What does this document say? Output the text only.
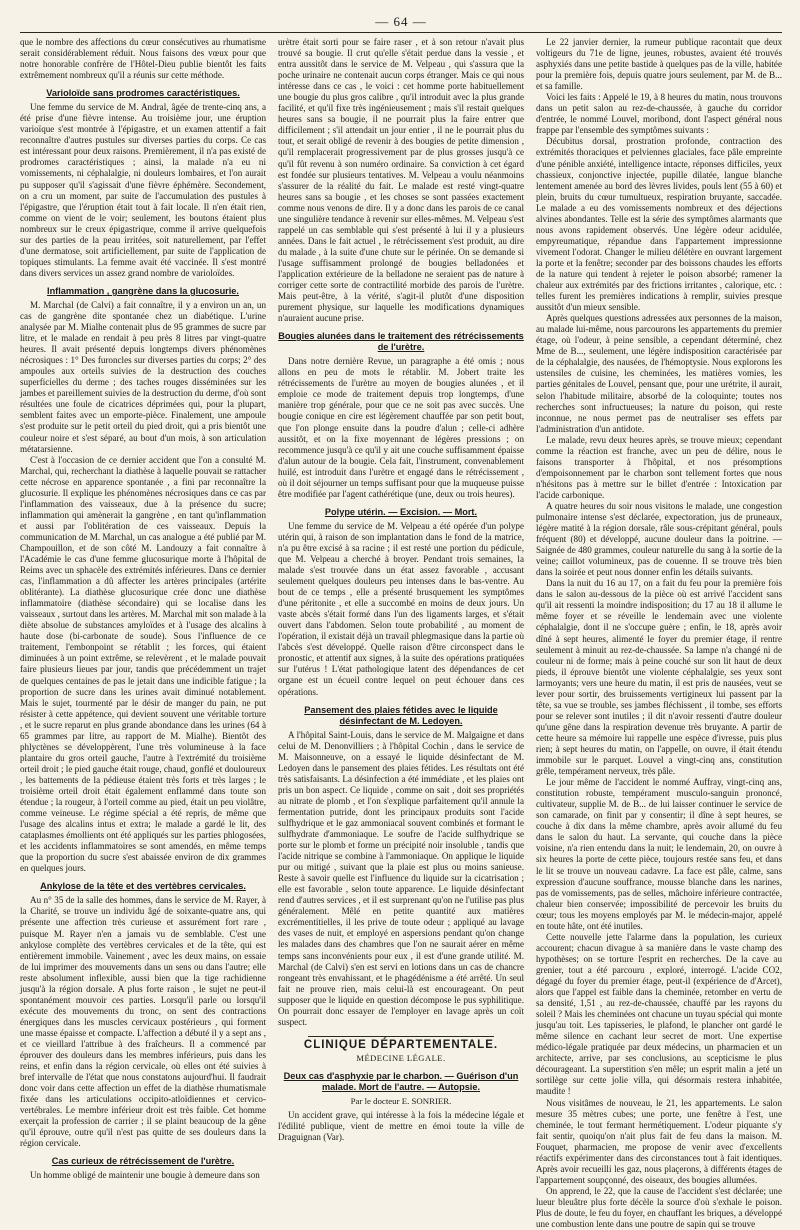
— 64 —

que le nombre des affections du cœur consécutives au rhumatisme serait considérablement réduit. Nous faisons des vœux pour que notre honorable confrère de l'Hôtel-Dieu publie bientôt les faits extrêmement nombreux qu'il a réunis sur cette méthode.

Varioloïde sans prodromes caractéristiques.

Une femme du service de M. Andral, âgée de trente-cinq ans, a été prise d'une fièvre intense. Au troisième jour, une éruption varioïque s'est montrée à l'épigastre, et un examen attentif a fait reconnaître d'autres pustules sur diverses parties du corps. Ce cas est intéressant pour deux raisons. Premièrement, il n'a pas existé de prodromes caractéristiques ; ainsi, la malade n'a eu ni vomissements, ni céphalalgie, ni douleurs lombaires, et l'on aurait pu supposer qu'il s'agissait d'une fièvre éphémère. Secondement, on a cru un moment, par suite de l'accumulation des pustules à l'épigastre, que l'éruption était tout à fait locale. Il n'en était rien, comme on vient de le voir; seulement, les boutons étaient plus nombreux sur le creux épigastrique, comme il arrive quelquefois sur des parties de la peau irritées, soit naturellement, par l'effet d'une dermatose, soit artificiellement, par suite de l'application de topiques stimulants. La femme avait été vaccinée. Il s'est montré dans divers services un assez grand nombre de varioloïdes.

Inflammation , gangrène dans la glucosurie.

M. Marchal (de Calvi) a fait connaître, il y a environ un an, un cas de gangrène dite spontanée chez un diabétique. L'urine analysée par M. Mialhe contenait plus de 95 grammes de sucre par litre, et le malade en rendait à peu près 8 litres par vingt-quatre heures. Il avait présenté depuis longtemps divers phénomènes nécrosiques : 1° Des furoncles sur diverses parties du corps; 2° des ampoules aux orteils suivies de la destruction des couches superficielles du derme ; des taches rouges disséminées sur les jambes et pareillement suivies de la destruction du derme, d'où sont résultées une foule de cicatrices déprimées qui, pour la plupart, semblent faites avec un emporte-pièce. Finalement, une ampoule s'est produite sur le petit orteil du pied droit, qui a pris bientôt une couleur noire et s'est séparé, au bout d'un mois, à son articulation métatarsienne.

C'est à l'occasion de ce dernier accident que l'on a consulté M. Marchal, qui, recherchant la diathèse à laquelle pouvait se rattacher cette nécrose en apparence spontanée , a fini par reconnaître la glucosurie. Il explique les phénomènes nécrosiques dans ce cas par l'inflammation des vaisseaux, due à la présence du sucre; inflammation qui amènerait la gangrène , en tant qu'inflammation et aussi par l'oblitération de ces vaisseaux. Depuis la communication de M. Marchal, un cas analogue a été publié par M. Champouillon, et de son côté M. Landouzy a fait connaître à l'Académie le cas d'une femme glucosurique morte à l'hôpital de Reims avec un sphacèle des extrémités inférieures. Dans ce dernier cas, l'inflammation a dû affecter les artères principales (artérite oblitérante). La diathèse glucosurique crée donc une diathèse inflammatoire (diathèse sécondaire) qui se localise dans les vaisseaux , surtout dans les artères. M. Marchal mit son malade à la diète absolue de substances amyloïdes et à l'usage des alcalins à haute dose (bi-carbonate de soude). Sous l'influence de ce traitement, l'embonpoint se rétablit ; les forces, qui étaient diminuées à un point extrême, se relevèrent , et le malade pouvait faire plusieurs lieues par jour, tandis que précédemment un trajet de quelques centaines de pas le jetait dans une indicible fatigue ; la proportion de sucre dans les urines avait diminué notablement. Mais le sujet, tourmenté par le désir de manger du pain, ne put résister à cette appétence, qui devient souvent une véritable torture , et le sucre reparut en plus grande abondance dans les urines (64 à 65 grammes par litre, au rapport de M. Mialhe). Bientôt des phlyctènes se développèrent, l'une très volumineuse à la face plantaire du gros orteil gauche, l'autre à l'extrémité du troisième orteil droit ; le pied gauche était rouge, chaud, gonflé et douloureux , les battements de la pédieuse étaient très forts et très larges ; le troisième orteil droit était également enflammé dans toute son étendue ; la rougeur, à l'orteil comme au pied, était un peu violâtre, comme veineuse. Le régime spécial a été repris, de même que l'usage des alcalins intus et extra; le malade a gardé le lit, des cataplasmes émollients ont été appliqués sur les parties phlogosées, et les accidents inflammatoires se sont amendés, en même temps que la proportion du sucre s'est abaissée environ de dix grammes en quelques jours.

Ankylose de la tête et des vertèbres cervicales.

Au n° 35 de la salle des hommes, dans le service de M. Rayer, à la Charité, se trouve un individu âgé de soixante-quatre ans, qui présente une affection très curieuse et assurément fort rare , puisque M. Rayer n'en a jamais vu de semblable. C'est une ankylose complète des vertèbres cervicales et de la tête, qui est entièrement immobile. Vainement , avec les deux mains, on essaie de lui imprimer des mouvements dans un sens ou dans l'autre; elle reste absolument inflexible, aussi bien que la tige rachidienne jusqu'à la région dorsale. A plus forte raison , le sujet ne peut-il spontanément mouvoir ces parties. Lorsqu'il parle ou lorsqu'il exécute des mouvements du tronc, on sent des contractions énergiques dans les muscles cervicaux postérieurs , qui forment une masse épaisse et compacte. L'affection a débuté il y a sept ans , et ce vieillard l'attribue à des fraîcheurs. Il a commencé par éprouver des douleurs dans les membres inférieurs, puis dans les reins, et enfin dans la région cervicale, où elles ont été suivies à bref intervalle de l'état que nous constatons aujourd'hui. Il faudrait donc voir dans cette affection un effet de la diathèse rhumatismale fixée dans les articulations occipito-atloïdiennes et cervico-vertébrales. Le membre inférieur droit est très faible. Cet homme exerçait la profession de carrier ; il se plaint beaucoup de la gêne qu'il éprouve, outre qu'il n'est pas quitte de ses douleurs dans la région cervicale.

Cas curieux de rétrécissement de l'urètre.

Un homme obligé de maintenir une bougie à demeure dans son

urètre était sorti pour se faire raser , et à son retour n'avait plus trouvé sa bougie. Il crut qu'elle s'était perdue dans la vessie , et entra aussitôt dans le service de M. Velpeau , qui s'assura que la poche urinaire ne contenait aucun corps étranger. Mais ce qui nous intéresse dans ce cas , le voici : cet homme porte habituellement une bougie du plus gros calibre , qu'il introduit avec la plus grande facilité, et qu'il fixe très ingénieusement ; mais s'il restait quelques heures sans sa bougie, il ne pourrait plus la faire entrer que difficilement ; s'il attendait un jour entier , il ne le pourrait plus du tout, et serait obligé de revenir à des bougies de petite dimension , qu'il remplacerait progressivement par de plus grosses jusqu'à ce qu'il fût revenu à son numéro ordinaire. Sa conviction à cet égard est fondée sur plusieurs tentatives. M. Velpeau a voulu néanmoins s'assurer de la réalité du fait. Le malade est resté vingt-quatre heures sans sa bougie , et les choses se sont passées exactement comme nous venons de dire. Il y a donc dans les parois de ce canal une singulière tendance à revenir sur elles-mêmes. M. Velpeau s'est rappelé un cas semblable qui s'est présenté à lui il y a plusieurs années. Dans le fait actuel , le rétrécissement s'est produit, au dire du malade , à la suite d'une chute sur le périnée. On se demande si l'usage suffisamment prolongé de bougies belladonées et l'application extérieure de la belladone ne seraient pas de nature à corriger cette sorte de contractilité morbide des parois de l'urètre. Mais peut-être, à la vérité, s'agit-il plutôt d'une disposition purement physique, sur laquelle les modifications dynamiques n'auraient aucune prise.

Bougies alunées dans le traitement des rétrécissements de l'urètre.

Dans notre dernière Revue, un paragraphe a été omis ; nous allons en peu de mots le rétablir. M. Jobert traite les rétrécissements de l'urètre au moyen de bougies alunées , et il emploie ce mode de traitement depuis trop longtemps, d'une manière trop générale, pour que ce ne soit pas avec succès. Une bougie conique en cire est légèrement chauffée par son petit bout, que l'on plonge ensuite dans la poudre d'alun ; celle-ci adhère aussitôt, et on la fixe moyennant de légères pressions ; on recommence jusqu'à ce qu'il y ait une couche suffisamment épaisse d'alun autour de la bougie. Cela fait, l'instrument, convenablement huilé, est introduit dans l'urètre et engagé dans le rétrécissement , où il doit séjourner un temps suffisant pour que la muqueuse puisse être modifiée par l'agent cathérétique (une, deux ou trois heures).

Polype utérin. — Excision. — Mort.

Une femme du service de M. Velpeau a été opérée d'un polype utérin qui, à raison de son implantation dans le fond de la matrice, n'a pu être excisé à sa racine ; il est resté une portion du pédicule, que M. Velpeau a cherché à broyer. Pendant trois semaines, la malade s'est trouvée dans un état assez favorable , accusant seulement quelques douleurs peu intenses dans le bas-ventre. Au bout de ce temps , elle a présenté brusquement les symptômes d'une péritonite , et elle a succombé en moins de deux jours. Un vaste abcès s'était formé dans l'un des ligaments larges, et s'était ouvert dans l'abdomen. Selon toute probabilité , au moment de l'opération, il existait déjà un travail phlegmasique dans la partie où l'abcès s'est développé. Quelle raison d'être circonspect dans le pronostic, et attentif aux signes, à la suite des opérations pratiquées sur l'utérus ! L'état pathologique latent des dépendances de cet organe est un écueil contre lequel on peut échouer dans ces opérations.

Pansement des plaies fétides avec le liquide désinfectant de M. Ledoyen.

A l'hôpital Saint-Louis, dans le service de M. Malgaigne et dans celui de M. Denonvilliers ; à l'hôpital Cochin , dans le service de M. Maisonneuve, on a essayé le liquide désinfectant de M. Ledoyen dans le pansement des plaies fétides. Les résultats ont été très satisfaisants. La désinfection a été immédiate , et les plaies ont pris un bon aspect. Ce liquide , comme on sait , doit ses propriétés au nitrate de plomb , et l'on s'explique parfaitement qu'il annule la fermentation putride, dont les principaux produits sont l'acide sulfhydrique et le gaz ammoniacal souvent combinés et formant le sulfhydrate d'ammoniaque. Le soufre de l'acide sulfhydrique se porte sur le plomb et forme un précipité noir insoluble , tandis que l'acide nitrique se combine à l'ammoniaque. On applique le liquide pur ou mitigé , suivant que la plaie est plus ou moins sanieuse. Reste à savoir quelle est l'influence du liquide sur la cicatrisation ; elle est favorable , selon toute apparence. Le liquide désinfectant rend d'autres services , et il est surprenant qu'on ne l'utilise pas plus généralement. Mêlé en petite quantité aux matières excrémentitielles, il les prive de toute odeur ; appliqué au lavage des vases de nuit, et employé en aspersions pendant qu'on change les malades dans des chambres que l'on ne saurait aérer en même temps sans inconvénients pour eux , il est d'une grande utilité. M. Marchal (de Calvi) s'en est servi en lotions dans un cas de chancre rongeant très envahissant, et le phagédénisme a été arrêté. Un seul fait ne prouve rien, mais celui-là est encourageant. On peut supposer que le liquide en question décompose le pus syphilitique. On pourrait donc essayer de l'employer en lavage après un coït suspect.

CLINIQUE DÉPARTEMENTALE.
MÉDECINE LÉGALE.
Deux cas d'asphyxie par le charbon. — Guérison d'un malade. Mort de l'autre. — Autopsie.
Par le docteur E. SONRIER.

Un accident grave, qui intéresse à la fois la médecine légale et l'édilité publique, vient de mettre en émoi toute la ville de Draguignan (Var).

Le 22 janvier dernier, la rumeur publique racontait que deux voltigeurs du 71e de ligne, jeunes, robustes, avaient été trouvés asphyxiés dans une petite bastide à quelques pas de la ville, habitée pour la première fois, depuis quatre jours seulement, par M. de B... et sa famille.

Voici les faits : Appelé le 19, à 8 heures du matin, nous trouvons dans un petit salon au rez-de-chaussée, à gauche du corridor d'entrée, le nommé Louvel, moribond, dont l'aspect général nous frappe par l'ensemble des symptômes suivants :

Décubitus dorsal, prostration profonde, contraction des extrémités thoraciques et pelviennes glaciales, face pâle empreinte d'une pénible anxiété, intelligence intacte, réponses difficiles, yeux chassieux, conjonctive injectée, pupille dilatée, langue blanche lentement amenée au bord des lèvres livides, pouls lent (55 à 60) et plein, bruits du cœur tumultueux, respiration bruyante, saccadée. Le malade a eu des vomissements nombreux et des déjections alvines abondantes. Telle est la série des symptômes alarmants que nous avons rapidement observés. Une légère odeur acidulée, empyreumatique, répandue dans l'appartement impressionne vivement l'odorat. Changer le milieu délétère en ouvrant largement la porte et la fenêtre; seconder par des boissons chaudes les efforts de la nature qui tendent à rejeter le poison absorbé; ramener la chaleur aux extrémités par des frictions irritantes , calorique, etc. : telles furent les premières indications à remplir, suivies presque aussitôt d'un mieux sensible.

Après quelques questions adressées aux personnes de la maison, au malade lui-même, nous parcourons les appartements du premier étage, où l'odeur, à peine sensible, a cependant déterminé, chez Mme de B..., seulement, une légère indisposition caractérisée par de la céphalalgie, des nausées, de l'hémoptysie. Nous explorons les ustensiles de cuisine, les cheminées, les matières vomies, les parties génitales de Louvel, pensant que, pour une urétrite, il aurait, selon l'habitude militaire, absorbé de la coloquinte; toutes nos recherches sont infructueuses; la nature du poison, qui reste inconnue, ne nous permet pas de neutraliser ses effets par l'administration d'un antidote.

Le malade, revu deux heures après, se trouve mieux; cependant comme la réaction est franche, avec un peu de délire, nous le faisons transporter à l'hôpital, et nos présomptions d'empoisonnement par le charbon sont tellement fortes que nous n'hésitons pas à mettre sur le billet d'entrée : Intoxication par l'acide carbonique.

A quatre heures du soir nous visitons le malade, une congestion pulmonaire intense s'est déclarée, expectoration, jus de pruneaux, légère matité à la région dorsale, râle sous-crépitant général, pouls fréquent (80) et développé, aucune douleur dans la poitrine. — Saignée de 480 grammes, couleur naturelle du sang à la sortie de la veine; caillot volumineux, pas de couenne. Il se trouve très bien dans la soirée et peut nous donner enfin les détails suivants.

Dans la nuit du 16 au 17, on a fait du feu pour la première fois dans le salon au-dessous de la pièce où est arrivé l'accident sans qu'il ait ressenti la moindre indisposition; du 17 au 18 il allume le même foyer et se réveille le lendemain avec une violente céphalalgie, dont il ne s'occupe guère ; enfin, le 18, après avoir dîné à sept heures, alimenté le foyer du premier étage, il rentre seulement à minuit au rez-de-chaussée. Sa lampe n'a changé ni de couleur ni de forme; mais à peine couché sur son lit haut de deux pieds, il éprouve bientôt une violente céphalalgie, ses yeux sont larmoyants; vers une heure du matin, il est pris de nausées, veut se lever pour sortir, des bruissements vertigineux lui passent par la tête, sa vue se trouble, ses jambes fléchissent , il tombe, ses efforts pour se relever sont inutiles ; il dit n'avoir ressenti d'autre douleur qu'une gêne dans la respiration devenue très bruyante. A partir de cette heure sa mémoire lui rappelle une espèce d'ivresse, puis plus rien; à sept heures du matin, on l'appelle, on ouvre, il était étendu immobile sur le parquet. Louvel a vingt-cinq ans, constitution grêle, tempérament nerveux, très pâle.

Le jour même de l'accident le nommé Auffray, vingt-cinq ans, constitution robuste, tempérament musculo-sanguin prononcé, cultivateur, supplie M. de B... de lui laisser continuer le service de son camarade, on finit par y consentir; il dîne à sept heures, se couche à dix dans la même chambre, après avoir allumé du feu dans le salon du haut. La servante, qui couche dans la pièce voisine, n'a rien entendu dans la nuit; le lendemain, 20, on ouvre à six heures la porte de cette pièce, toujours restée sans feu, et dans le lit se trouve un nouveau cadavre. La face est pâle, calme, sans expression d'aucune souffrance, mousse blanche dans les narines, pas de vomissements, pas de selles, mâchoire inférieure contractée, chaleur bien conservée; impossibilité de percevoir les bruits du cœur; tous les moyens employés par M. le médecin-major, appelé en toute hâte, ont été inutiles.

Cette nouvelle jette l'alarme dans la population, les curieux accourent; chacun divague à sa manière dans le vaste champ des hypothèses; on se torture l'esprit en recherches. De la cave au grenier, tout a été parcouru , exploré, interrogé. L'acide CO2, dégagé du foyer du premier étage, peut-il (expérience de d'Arcet), alors que l'appel est faible dans la cheminée, retomber en vertu de sa densité, 1,51 , au rez-de-chaussée, chauffé par les rayons du soleil ? Mais les cheminées ont chacune un tuyau spécial qui monte jusqu'au toit. Les tapisseries, le plafond, le plancher ont gardé le même silence en cachant leur secret de mort. Une expertise médico-légale pratiquée par deux médecins, un pharmacien et un architecte, arrive, par ses conclusions, au scepticisme le plus décourageant. La superstition s'en mêle; un esprit malin a jeté un sortilège sur cette jolie villa, qui désormais restera inhabitée, maudite !

Nous visitâmes de nouveau, le 21, les appartements. Le salon mesure 35 mètres cubes; une porte, une fenêtre à l'est, une cheminée, le tout fermant hermétiquement. L'odeur piquante s'y fait sentir, quoiqu'on n'ait plus fait de feu dans la maison. M. Fouquet, pharmacien, me propose de venir avec d'excellents réactifs expérimenter dans des circonstances tout à fait identiques. Après avoir recueilli les gaz, nous plaçerons, à différents étages de l'appartement soupçonné, des oiseaux, des bougies allumées.

On apprend, le 22, que la cause de l'accident s'est déclarée; une lueur bleuâtre plus forte décèle la source d'où s'exhale le poison. Plus de doute, le feu du foyer, en chauffant les briques, a développé une combustion lente dans une poutre de sapin qui se trouve
